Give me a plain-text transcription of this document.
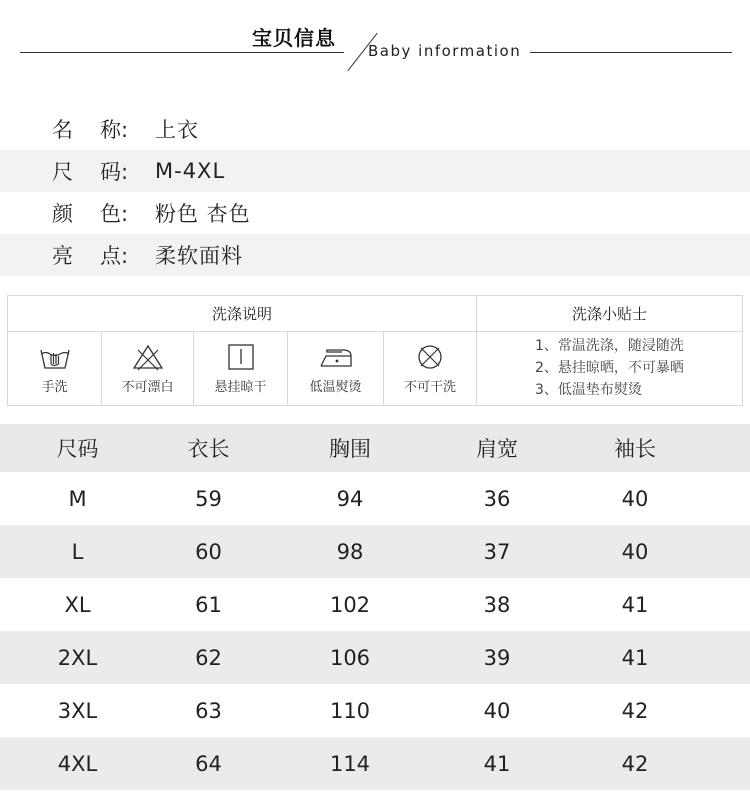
宝贝信息
Baby information
名	称: 上衣
尺	码: M-4XL
颜	色: 粉色 杏色
亮	点: 柔软面料
洗涤说明	洗涤小贴士
手洗	不可漂白	悬挂晾干	低温熨烫	不可干洗
1、常温洗涤，随浸随洗
2、悬挂晾晒，不可暴晒
3、低温垫布熨烫
尺码	衣长	胸围	肩宽	袖长
M	59	94	36	40
L	60	98	37	40
XL	61	102	38	41
2XL	62	106	39	41
3XL	63	110	40	42
4XL	64	114	41	42
